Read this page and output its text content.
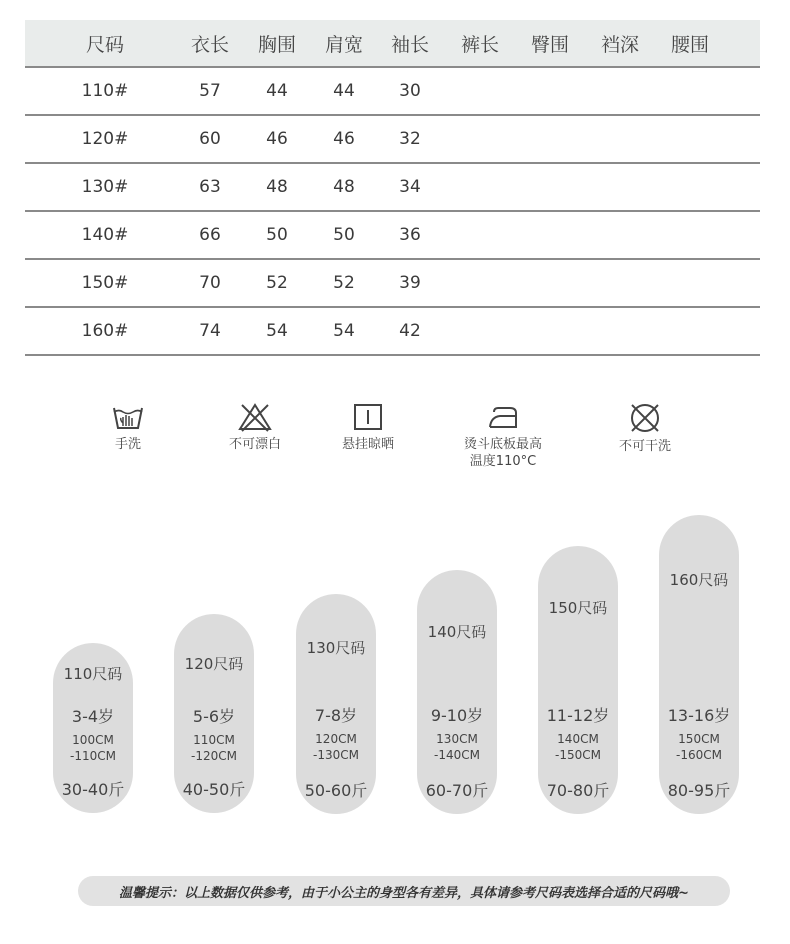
尺码	衣长	胸围	肩宽	袖长	裤长	臀围	裆深	腰围
110#	57	44	44	30
120#	60	46	46	32
130#	63	48	48	34
140#	66	50	50	36
150#	70	52	52	39
160#	74	54	54	42
手洗	不可漂白	悬挂晾晒	烫斗底板最高
温度110°C
不可干洗
110尺码
3-4岁
100CM
-110CM
30-40斤
120尺码
5-6岁
110CM
-120CM
40-50斤
130尺码
7-8岁
120CM
-130CM
50-60斤
140尺码
9-10岁
130CM
-140CM
60-70斤
150尺码
11-12岁
140CM
-150CM
70-80斤
160尺码
13-16岁
150CM
-160CM
80-95斤
温馨提示：以上数据仅供参考，由于小公主的身型各有差异，具体请参考尺码表选择合适的尺码哦~
